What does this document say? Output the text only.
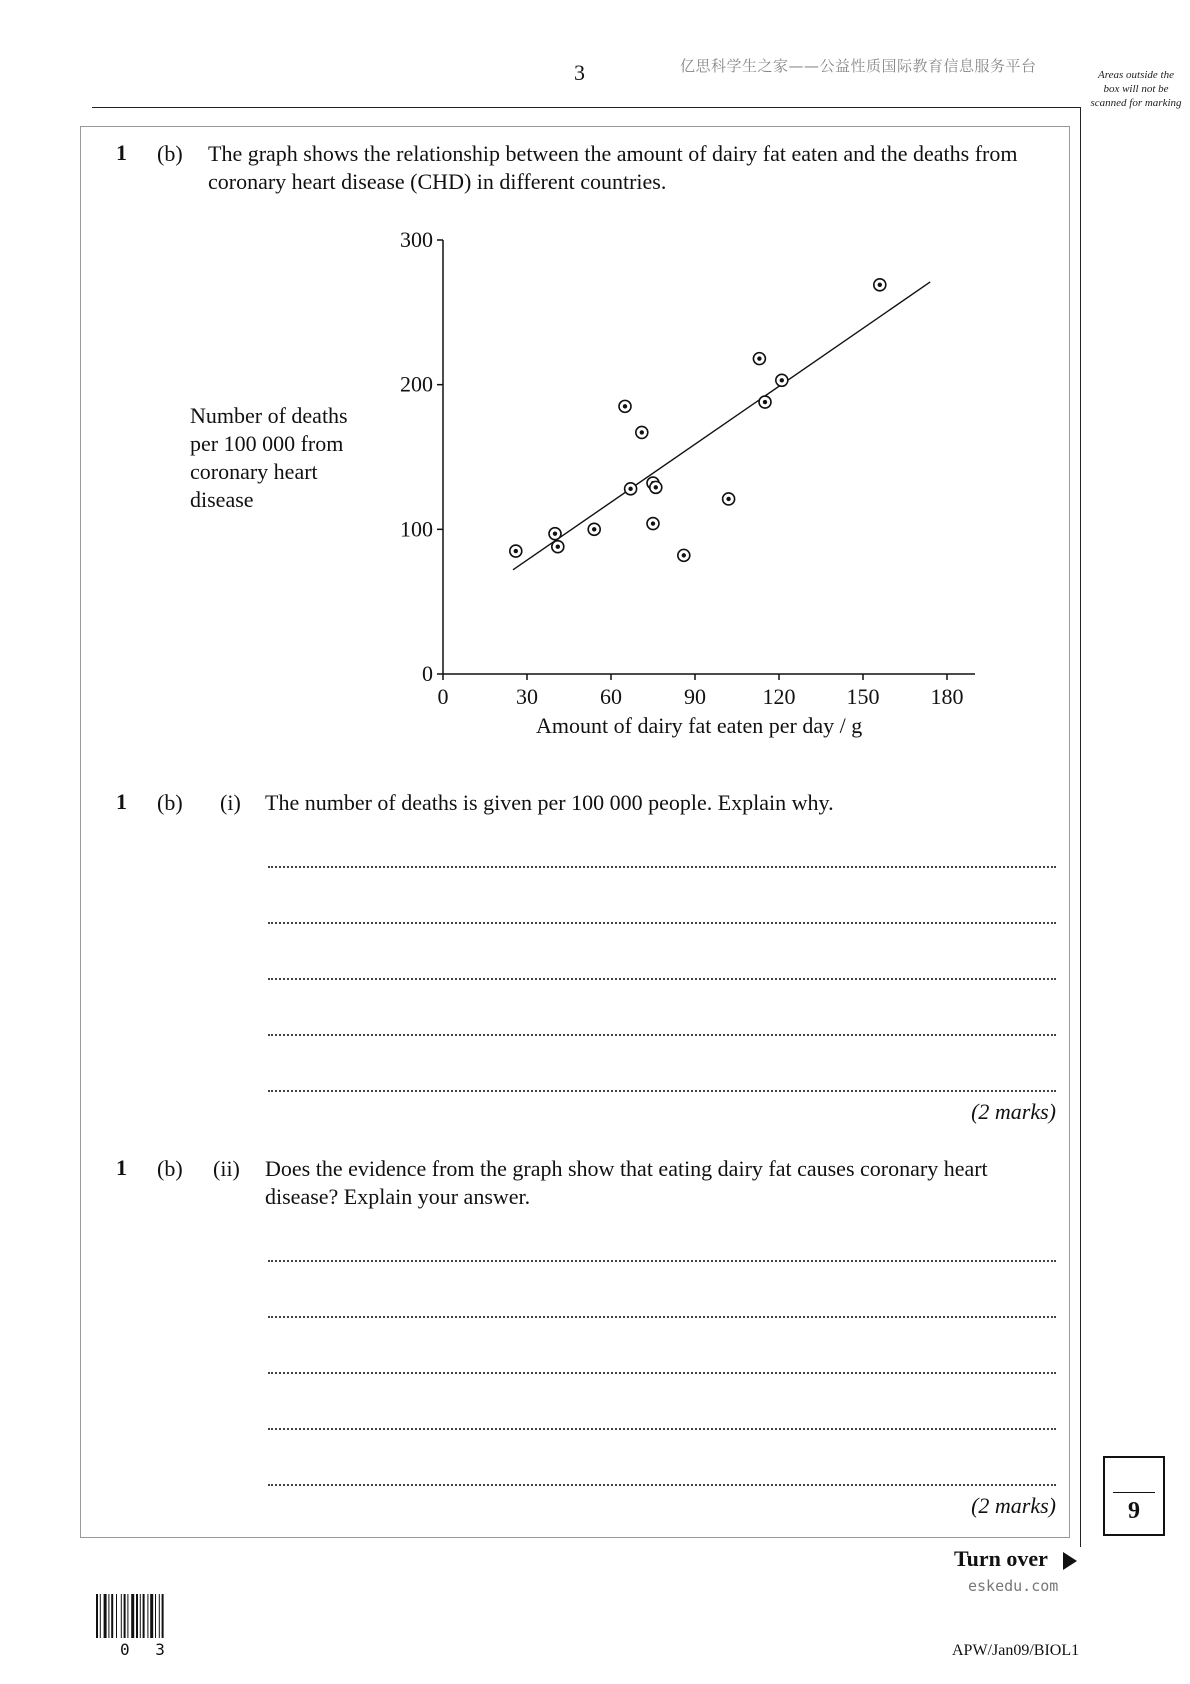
3	亿思科学生之家——公益性质国际教育信息服务平台	Areas outside the box will not be scanned for marking
1 (b) The graph shows the relationship between the amount of dairy fat eaten and the deaths from coronary heart disease (CHD) in different countries.
0	30	60	90	120 150 180
0
100
200
300
Number of deaths per 100 000 from coronary heart disease
Amount of dairy fat eaten per day / g
1 (b) (i) The number of deaths is given per 100 000 people. Explain why.
(2 marks)
1 (b) (ii) Does the evidence from the graph show that eating dairy fat causes coronary heart disease? Explain your answer.
(2 marks)	9
Turn over
eskedu.com
0 3	APW/Jan09/BIOL1
